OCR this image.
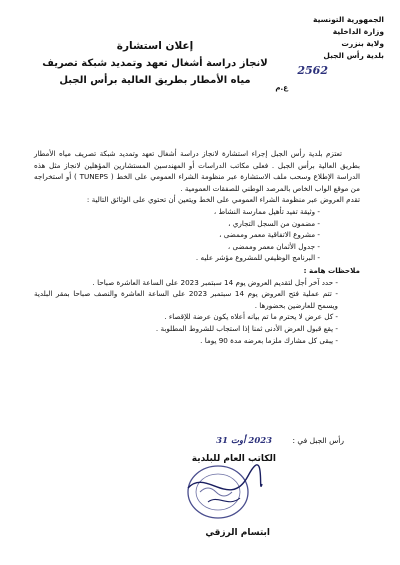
الجمهورية التونسية
وزارة الداخلية
ولاية بنزرت
بلدية رأس الجبل
2562
ع.م
إعلان استشارة
لانجاز دراسة أشغال تعهد وتمديد شبكة تصريف
مياه الأمطار بطريق العالية برأس الجبل

تعتزم بلدية رأس الجبل إجراء استشارة لانجاز دراسة أشغال تعهد وتمديد شبكة تصريف مياه الأمطار بطريق العالية برأس الجبل . فعلى مكاتب الدراسات أو المهندسين المستشارين المؤهلين لانجاز مثل هذه الدراسة الإطلاع وسحب ملف الاستشارة عبر منظومة الشراء العمومي على الخط ( TUNEPS ) أو استخراجه من موقع الواب الخاص بالمرصد الوطني للصفقات العمومية .

تقدم العروض عبر منظومة الشراء العمومي على الخط ويتعين أن تحتوي على الوثائق التالية :

- وثيقة تفيد تأهيل ممارسة النشاط ،
- مضمون من السجل التجاري ،
- مشروع الاتفاقية معمر وممضى ،
- جدول الأثمان معمر وممضى ،
- البرنامج الوظيفي للمشروع مؤشر عليه .
ملاحظات هامة :
- حدد آخر أجل لتقديم العروض يوم 14 سبتمبر 2023 على الساعة العاشرة صباحا .
- تتم عملية فتح العروض يوم 14 سبتمبر 2023 على الساعة العاشرة والنصف صباحا بمقر البلدية ويسمح للعارضين بحضورها .
- كل عرض لا يحترم ما تم بيانه أعلاه يكون عرضة للإقصاء .
- يقع قبول العرض الأدنى ثمنا إذا استجاب للشروط المطلوبة .
- يبقى كل مشارك ملزما بعرضه مدة 90 يوما .
رأس الجبل في : 2023 أوت 31
الكاتب العام للبلدية
ابتسام الرزقي
